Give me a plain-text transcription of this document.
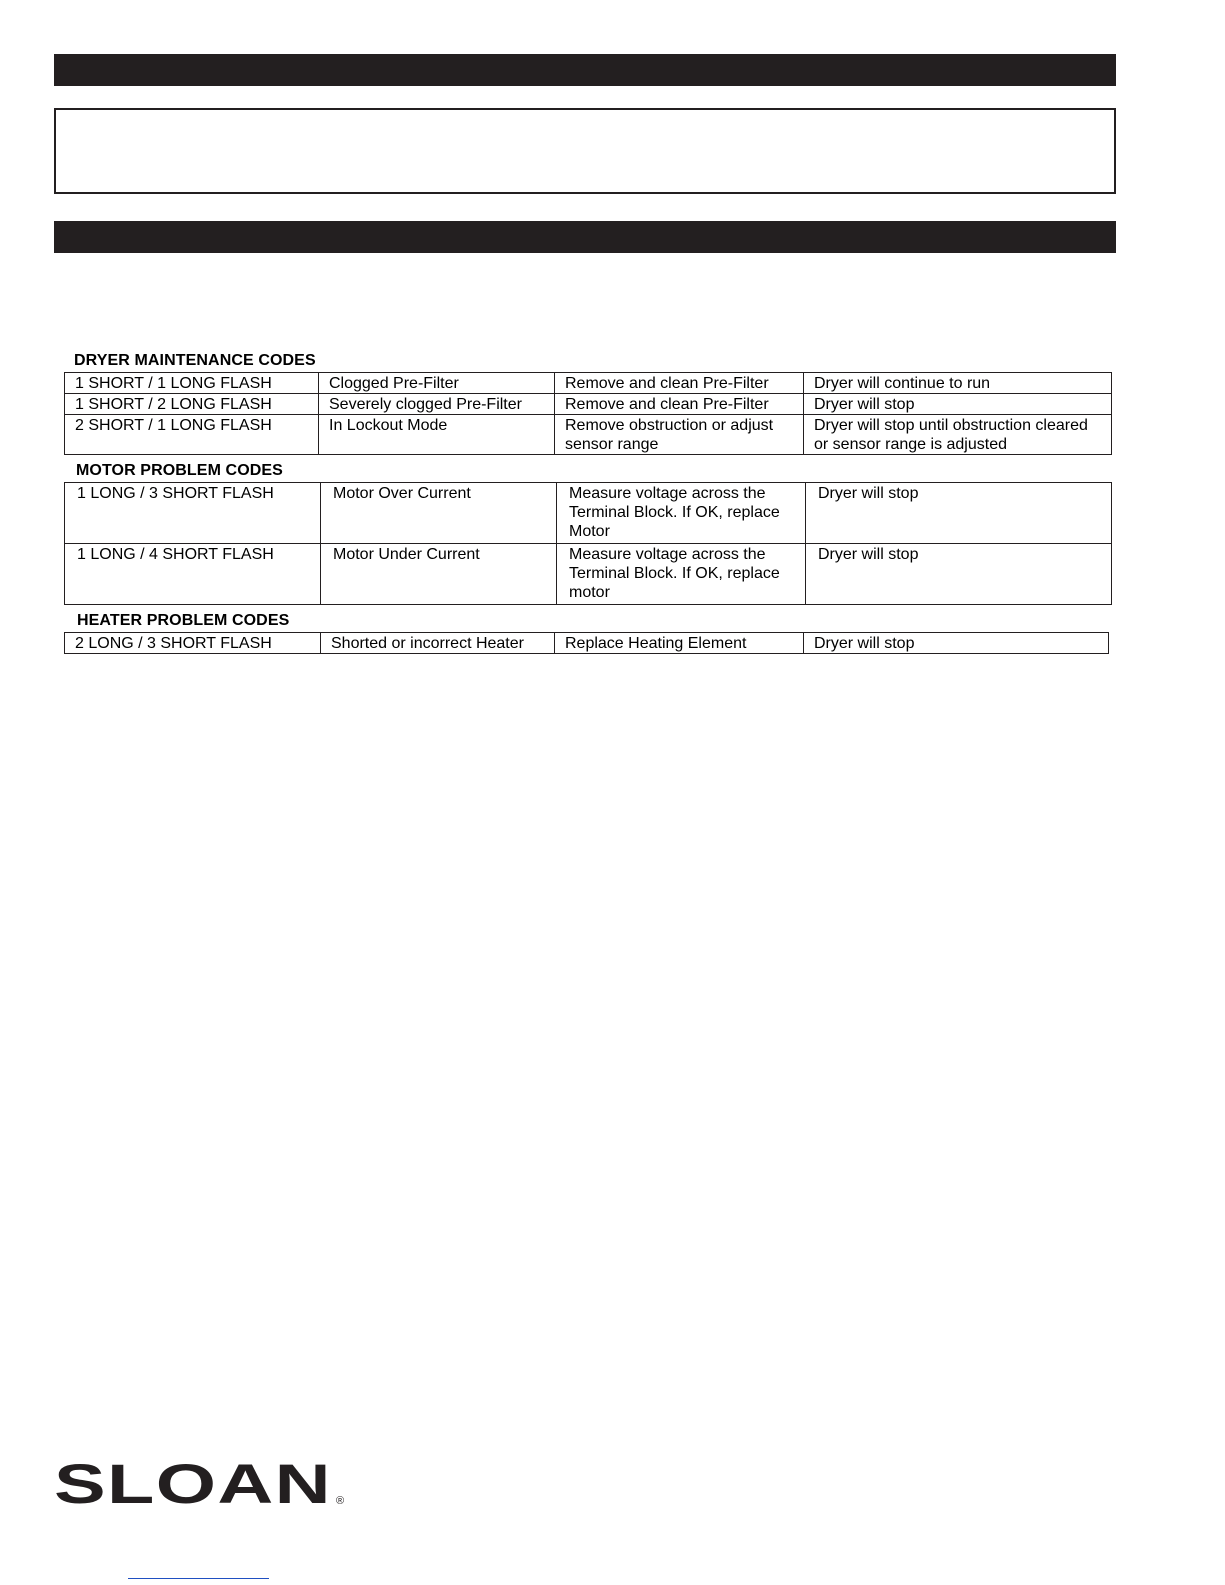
DRYER MAINTENANCE CODES
1 SHORT / 1 LONG FLASH	Clogged Pre-Filter	Remove and clean Pre-Filter	Dryer will continue to run
1 SHORT / 2 LONG FLASH	Severely clogged Pre-Filter	Remove and clean Pre-Filter	Dryer will stop
2 SHORT / 1 LONG FLASH	In Lockout Mode	Remove obstruction or adjust sensor range	Dryer will stop until obstruction cleared or sensor range is adjusted
MOTOR PROBLEM CODES
1 LONG / 3 SHORT FLASH	Motor Over Current	Measure voltage across the Terminal Block. If OK, replace Motor	Dryer will stop
1 LONG / 4 SHORT FLASH	Motor Under Current	Measure voltage across the Terminal Block. If OK, replace motor	Dryer will stop
HEATER PROBLEM CODES
2 LONG / 3 SHORT FLASH	Shorted or incorrect Heater	Replace Heating Element	Dryer will stop
SLOAN ®
